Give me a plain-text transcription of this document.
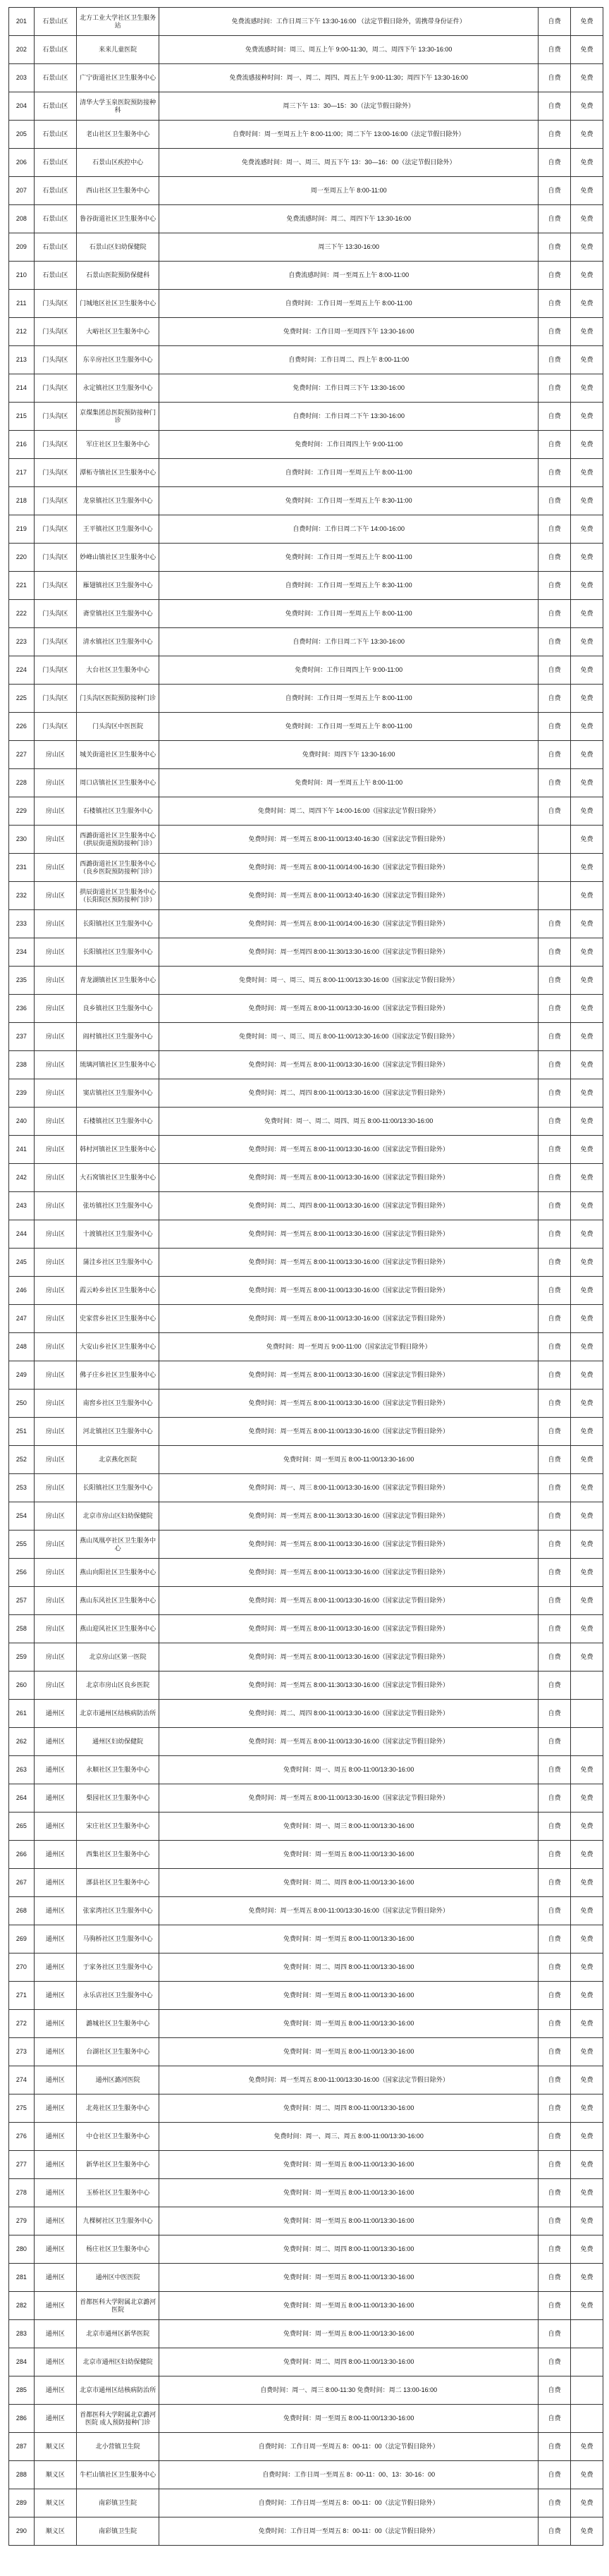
201	石景山区	北方工业大学社区卫生服务站	免费流感时间：工作日周三下午 13:30-16:00 （法定节假日除外，需携带身份证件）	自费	免费
202	石景山区	来来儿童医院	免费流感时间：周三、周五上午 9:00-11:30，周二、周四下午 13:30-16:00	自费	免费
203	石景山区	广宁街道社区卫生服务中心	免费流感接种时间：周一、周二、周四、周五上午 9:00-11:30；周四下午 13:30-16:00	自费	免费
204	石景山区	清华大学玉泉医院预防接种科	周三下午 13：30—15：30（法定节假日除外）	自费	免费
205	石景山区	老山社区卫生服务中心	自费时间：周一至周五上午 8:00-11:00；周二下午 13:00-16:00（法定节假日除外）	自费	免费
206	石景山区	石景山区疾控中心	免费流感时间：周一、周三、周五下午 13：30—16：00（法定节假日除外）	自费	免费
207	石景山区	西山社区卫生服务中心	周一至周五上午 8:00-11:00	自费	免费
208	石景山区	鲁谷街道社区卫生服务中心	免费流感时间：周二、周四下午 13:30-16:00	自费	免费
209	石景山区	石景山区妇幼保健院	周三下午 13:30-16:00	自费	免费
210	石景山区	石景山医院预防保健科	自费流感时间：周一至周五上午 8:00-11:00	自费	免费
211	门头沟区	门城地区社区卫生服务中心	自费时间：工作日周一至周五上午 8:00-11:00	自费	免费
212	门头沟区	大峪社区卫生服务中心	免费时间：工作日周一至周四下午 13:30-16:00	自费	免费
213	门头沟区	东辛房社区卫生服务中心	自费时间：工作日周二、四上午 8:00-11:00	自费	免费
214	门头沟区	永定镇社区卫生服务中心	免费时间：工作日周三下午 13:30-16:00	自费	免费
215	门头沟区	京煤集团总医院预防接种门诊	自费时间：工作日周二下午 13:30-16:00	自费	免费
216	门头沟区	军庄社区卫生服务中心	免费时间：工作日周四上午 9:00-11:00	自费	免费
217	门头沟区	潭柘寺镇社区卫生服务中心	自费时间：工作日周一至周五上午 8:00-11:00	自费	免费
218	门头沟区	龙泉镇社区卫生服务中心	免费时间：工作日周一至周五上午 8:30-11:00	自费	免费
219	门头沟区	王平镇社区卫生服务中心	自费时间：工作日周二下午 14:00-16:00	自费	免费
220	门头沟区	妙峰山镇社区卫生服务中心	免费时间：工作日周一至周五上午 8:00-11:00	自费	免费
221	门头沟区	雁翅镇社区卫生服务中心	自费时间：工作日周一至周五上午 8:30-11:00	自费	免费
222	门头沟区	斋堂镇社区卫生服务中心	免费时间：工作日周一至周五上午 8:00-11:00	自费	免费
223	门头沟区	清水镇社区卫生服务中心	自费时间：工作日周二下午 13:30-16:00	自费	免费
224	门头沟区	大台社区卫生服务中心	免费时间：工作日周四上午 9:00-11:00	自费	免费
225	门头沟区	门头沟区医院预防接种门诊	自费时间：工作日周一至周五上午 8:00-11:00	自费	免费
226	门头沟区	门头沟区中医医院	免费时间：工作日周一至周五上午 8:00-11:00	自费	免费
227	房山区	城关街道社区卫生服务中心	免费时间：周四下午 13:30-16:00	自费	免费
228	房山区	周口店镇社区卫生服务中心	免费时间：周一至周五上午 8:00-11:00	自费	免费
229	房山区	石楼镇社区卫生服务中心	免费时间：周二、周四下午 14:00-16:00（国家法定节假日除外）	自费	免费
230	房山区	西潞街道社区卫生服务中心（拱辰街道预防接种门诊）	免费时间：周一至周五 8:00-11:00/13:40-16:30（国家法定节假日除外）		免费
231	房山区	西潞街道社区卫生服务中心（良乡医院预防接种门诊）	免费时间：周一至周五 8:00-11:00/14:00-16:30（国家法定节假日除外）		免费
232	房山区	拱辰街道社区卫生服务中心（长阳院区预防接种门诊）	免费时间：周一至周五 8:00-11:00/13:40-16:30（国家法定节假日除外）		免费
233	房山区	长阳镇社区卫生服务中心	免费时间：周一至周五 8:00-11:00/14:00-16:30（国家法定节假日除外）	自费	免费
234	房山区	长阳镇社区卫生服务中心	免费时间：周一至周四 8:00-11:30/13:30-16:00（国家法定节假日除外）	自费	免费
235	房山区	青龙湖镇社区卫生服务中心	免费时间：周一、周三、周五 8:00-11:00/13:30-16:00（国家法定节假日除外）	自费	免费
236	房山区	良乡镇社区卫生服务中心	免费时间：周一至周五 8:00-11:00/13:30-16:00（国家法定节假日除外）	自费	免费
237	房山区	阎村镇社区卫生服务中心	免费时间：周一、周三、周五 8:00-11:00/13:30-16:00（国家法定节假日除外）	自费	免费
238	房山区	琉璃河镇社区卫生服务中心	免费时间：周一至周五 8:00-11:00/13:30-16:00（国家法定节假日除外）	自费	免费
239	房山区	窦店镇社区卫生服务中心	免费时间：周二、周四 8:00-11:00/13:30-16:00（国家法定节假日除外）	自费	免费
240	房山区	石楼镇社区卫生服务中心	免费时间：周一、周二、周四、周五 8:00-11:00/13:30-16:00	自费	免费
241	房山区	韩村河镇社区卫生服务中心	免费时间：周一至周五 8:00-11:00/13:30-16:00（国家法定节假日除外）	自费	免费
242	房山区	大石窝镇社区卫生服务中心	免费时间：周一至周五 8:00-11:00/13:30-16:00（国家法定节假日除外）	自费	免费
243	房山区	张坊镇社区卫生服务中心	免费时间：周二、周四 8:00-11:00/13:30-16:00（国家法定节假日除外）	自费	免费
244	房山区	十渡镇社区卫生服务中心	免费时间：周一至周五 8:00-11:00/13:30-16:00（国家法定节假日除外）	自费	免费
245	房山区	蒲洼乡社区卫生服务中心	免费时间：周一至周五 8:00-11:00/13:30-16:00（国家法定节假日除外）	自费	免费
246	房山区	霞云岭乡社区卫生服务中心	免费时间：周一至周五 8:00-11:00/13:30-16:00（国家法定节假日除外）	自费	免费
247	房山区	史家营乡社区卫生服务中心	免费时间：周一至周五 8:00-11:00/13:30-16:00（国家法定节假日除外）	自费	免费
248	房山区	大安山乡社区卫生服务中心	免费时间：周一至周五 9:00-11:00（国家法定节假日除外）	自费	免费
249	房山区	佛子庄乡社区卫生服务中心	免费时间：周一至周五 8:00-11:00/13:30-16:00（国家法定节假日除外）	自费	免费
250	房山区	南窖乡社区卫生服务中心	免费时间：周一至周五 8:00-11:00/13:30-16:00（国家法定节假日除外）	自费	免费
251	房山区	河北镇社区卫生服务中心	免费时间：周一至周五 8:00-11:00/13:30-16:00（国家法定节假日除外）	自费	免费
252	房山区	北京燕化医院	免费时间：周一至周五 8:00-11:00/13:30-16:00	自费	免费
253	房山区	长阳镇社区卫生服务中心	免费时间：周一、周三 8:00-11:00/13:30-16:00（国家法定节假日除外）	自费	免费
254	房山区	北京市房山区妇幼保健院	免费时间：周一至周五 8:00-11:30/13:30-16:00（国家法定节假日除外）	自费	免费
255	房山区	燕山凤凰亭社区卫生服务中心	免费时间：周一至周五 8:00-11:00/13:30-16:00（国家法定节假日除外）	自费	免费
256	房山区	燕山向阳社区卫生服务中心	免费时间：周一至周五 8:00-11:00/13:30-16:00（国家法定节假日除外）	自费	免费
257	房山区	燕山东风社区卫生服务中心	免费时间：周一至周五 8:00-11:00/13:30-16:00（国家法定节假日除外）	自费	免费
258	房山区	燕山迎风社区卫生服务中心	免费时间：周一至周五 8:00-11:00/13:30-16:00（国家法定节假日除外）	自费	免费
259	房山区	北京房山区第一医院	免费时间：周一至周五 8:00-11:00/13:30-16:00（国家法定节假日除外）	自费	免费
260	房山区	北京市房山区良乡医院	免费时间：周一至周五 8:00-11:30/13:30-16:00（国家法定节假日除外）	自费	
261	通州区	北京市通州区结核病防治所	免费时间：周二、周四 8:00-11:00/13:30-16:00（国家法定节假日除外）	自费	
262	通州区	通州区妇幼保健院	免费时间：周一至周五 8:00-11:00/13:30-16:00（国家法定节假日除外）	自费	
263	通州区	永顺社区卫生服务中心	免费时间：周一、周五 8:00-11:00/13:30-16:00	自费	免费
264	通州区	梨园社区卫生服务中心	免费时间：周一至周五 8:00-11:00/13:30-16:00（国家法定节假日除外）	自费	免费
265	通州区	宋庄社区卫生服务中心	免费时间：周一、周三 8:00-11:00/13:30-16:00	自费	免费
266	通州区	西集社区卫生服务中心	免费时间：周一至周五 8:00-11:00/13:30-16:00	自费	免费
267	通州区	漷县社区卫生服务中心	免费时间：周二、周四 8:00-11:00/13:30-16:00	自费	免费
268	通州区	张家湾社区卫生服务中心	免费时间：周一至周五 8:00-11:00/13:30-16:00（国家法定节假日除外）	自费	免费
269	通州区	马驹桥社区卫生服务中心	免费时间：周一至周五 8:00-11:00/13:30-16:00	自费	免费
270	通州区	于家务社区卫生服务中心	免费时间：周二、周四 8:00-11:00/13:30-16:00	自费	免费
271	通州区	永乐店社区卫生服务中心	免费时间：周一至周五 8:00-11:00/13:30-16:00	自费	免费
272	通州区	潞城社区卫生服务中心	免费时间：周一至周五 8:00-11:00/13:30-16:00	自费	免费
273	通州区	台湖社区卫生服务中心	免费时间：周一至周五 8:00-11:00/13:30-16:00	自费	免费
274	通州区	通州区潞河医院	免费时间：周一至周五 8:00-11:00/13:30-16:00（国家法定节假日除外）	自费	免费
275	通州区	北苑社区卫生服务中心	免费时间：周二、周四 8:00-11:00/13:30-16:00	自费	免费
276	通州区	中仓社区卫生服务中心	免费时间：周一、周三、周五 8:00-11:00/13:30-16:00	自费	免费
277	通州区	新华社区卫生服务中心	免费时间：周一至周五 8:00-11:00/13:30-16:00	自费	免费
278	通州区	玉桥社区卫生服务中心	免费时间：周一至周五 8:00-11:00/13:30-16:00	自费	免费
279	通州区	九棵树社区卫生服务中心	免费时间：周一至周五 8:00-11:00/13:30-16:00	自费	免费
280	通州区	杨庄社区卫生服务中心	免费时间：周二、周四 8:00-11:00/13:30-16:00	自费	免费
281	通州区	通州区中医医院	免费时间：周一至周五 8:00-11:00/13:30-16:00	自费	免费
282	通州区	首都医科大学附属北京潞河医院	免费时间：周一至周五 8:00-11:00/13:30-16:00	自费	免费
283	通州区	北京市通州区新华医院	免费时间：周一至周五 8:00-11:00/13:30-16:00	自费	
284	通州区	北京市通州区妇幼保健院	免费时间：周二、周四 8:00-11:00/13:30-16:00	自费	
285	通州区	北京市通州区结核病防治所	自费时间：周一、周三 8:00-11:30 免费时间：周二 13:00-16:00	自费	
286	通州区	首都医科大学附属北京潞河医院 成人预防接种门诊	免费时间：周一至周五 8:00-11:00/13:30-16:00	自费	
287	顺义区	北小营镇卫生院	自费时间：工作日周一至周五 8：00-11：00（法定节假日除外）	自费	免费
288	顺义区	牛栏山镇社区卫生服务中心	自费时间：工作日周一至周五 8：00-11：00、13：30-16：00	自费	免费
289	顺义区	南彩镇卫生院	自费时间：工作日周一至周五 8：00-11：00（法定节假日除外）	自费	免费
290	顺义区	南彩镇卫生院	免费时间：工作日周一至周五 8：00-11：00（法定节假日除外）	自费	免费
